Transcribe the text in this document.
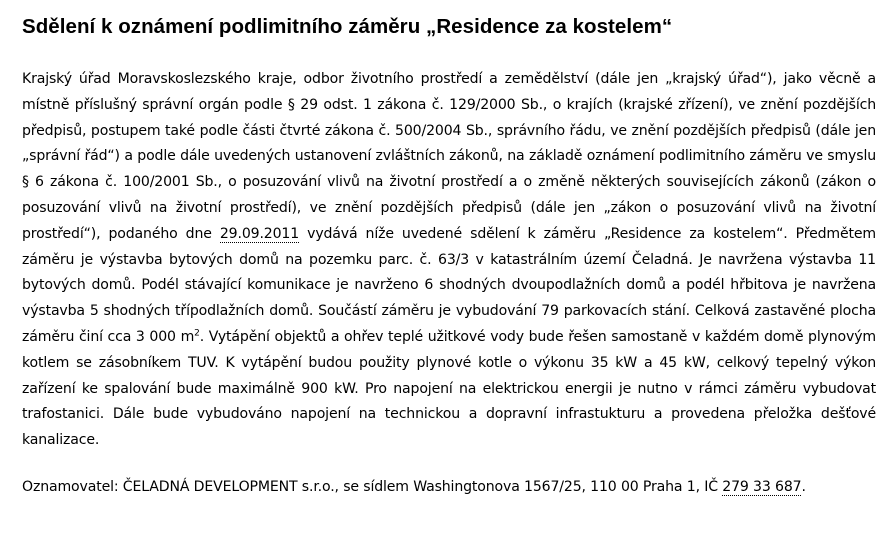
Sdělení k oznámení podlimitního záměru „Residence za kostelem“

Krajský úřad Moravskoslezského kraje, odbor životního prostředí a zemědělství (dále jen „krajský úřad“), jako věcně a místně příslušný správní orgán podle § 29 odst. 1 zákona č. 129/2000 Sb., o krajích (krajské zřízení), ve znění pozdějších předpisů, postupem také podle části čtvrté zákona č. 500/2004 Sb., správního řádu, ve znění pozdějších předpisů (dále jen „správní řád“) a podle dále uvedených ustanovení zvláštních zákonů, na základě oznámení podlimitního záměru ve smyslu § 6 zákona č. 100/2001 Sb., o posuzování vlivů na životní prostředí a o změně některých souvisejících zákonů (zákon o posuzování vlivů na životní prostředí), ve znění pozdějších předpisů (dále jen „zákon o posuzování vlivů na životní prostředí“), podaného dne 29.09.2011 vydává níže uvedené sdělení k záměru „Residence za kostelem“. Předmětem záměru je výstavba bytových domů na pozemku parc. č. 63/3 v katastrálním území Čeladná. Je navržena výstavba 11 bytových domů. Podél stávající komunikace je navrženo 6 shodných dvoupodlažních domů a podél hřbitova je navržena výstavba 5 shodných třípodlažních domů. Součástí záměru je vybudování 79 parkovacích stání. Celková zastavěné plocha záměru činí cca 3 000 $m^2$. Vytápění objektů a ohřev teplé užitkové vody bude řešen samostaně v každém domě plynovým kotlem se zásobníkem TUV. K vytápění budou použity plynové kotle o výkonu 35 kW a 45 kW, celkový tepelný výkon zařízení ke spalování bude maximálně 900 kW. Pro napojení na elektrickou energii je nutno v rámci záměru vybudovat trafostanici. Dále bude vybudováno napojení na technickou a dopravní infrastukturu a provedena přeložka dešťové kanalizace.

Oznamovatel: ČELADNÁ DEVELOPMENT s.r.o., se sídlem Washingtonova 1567/25, 110 00 Praha 1, IČ 279 33 687.
